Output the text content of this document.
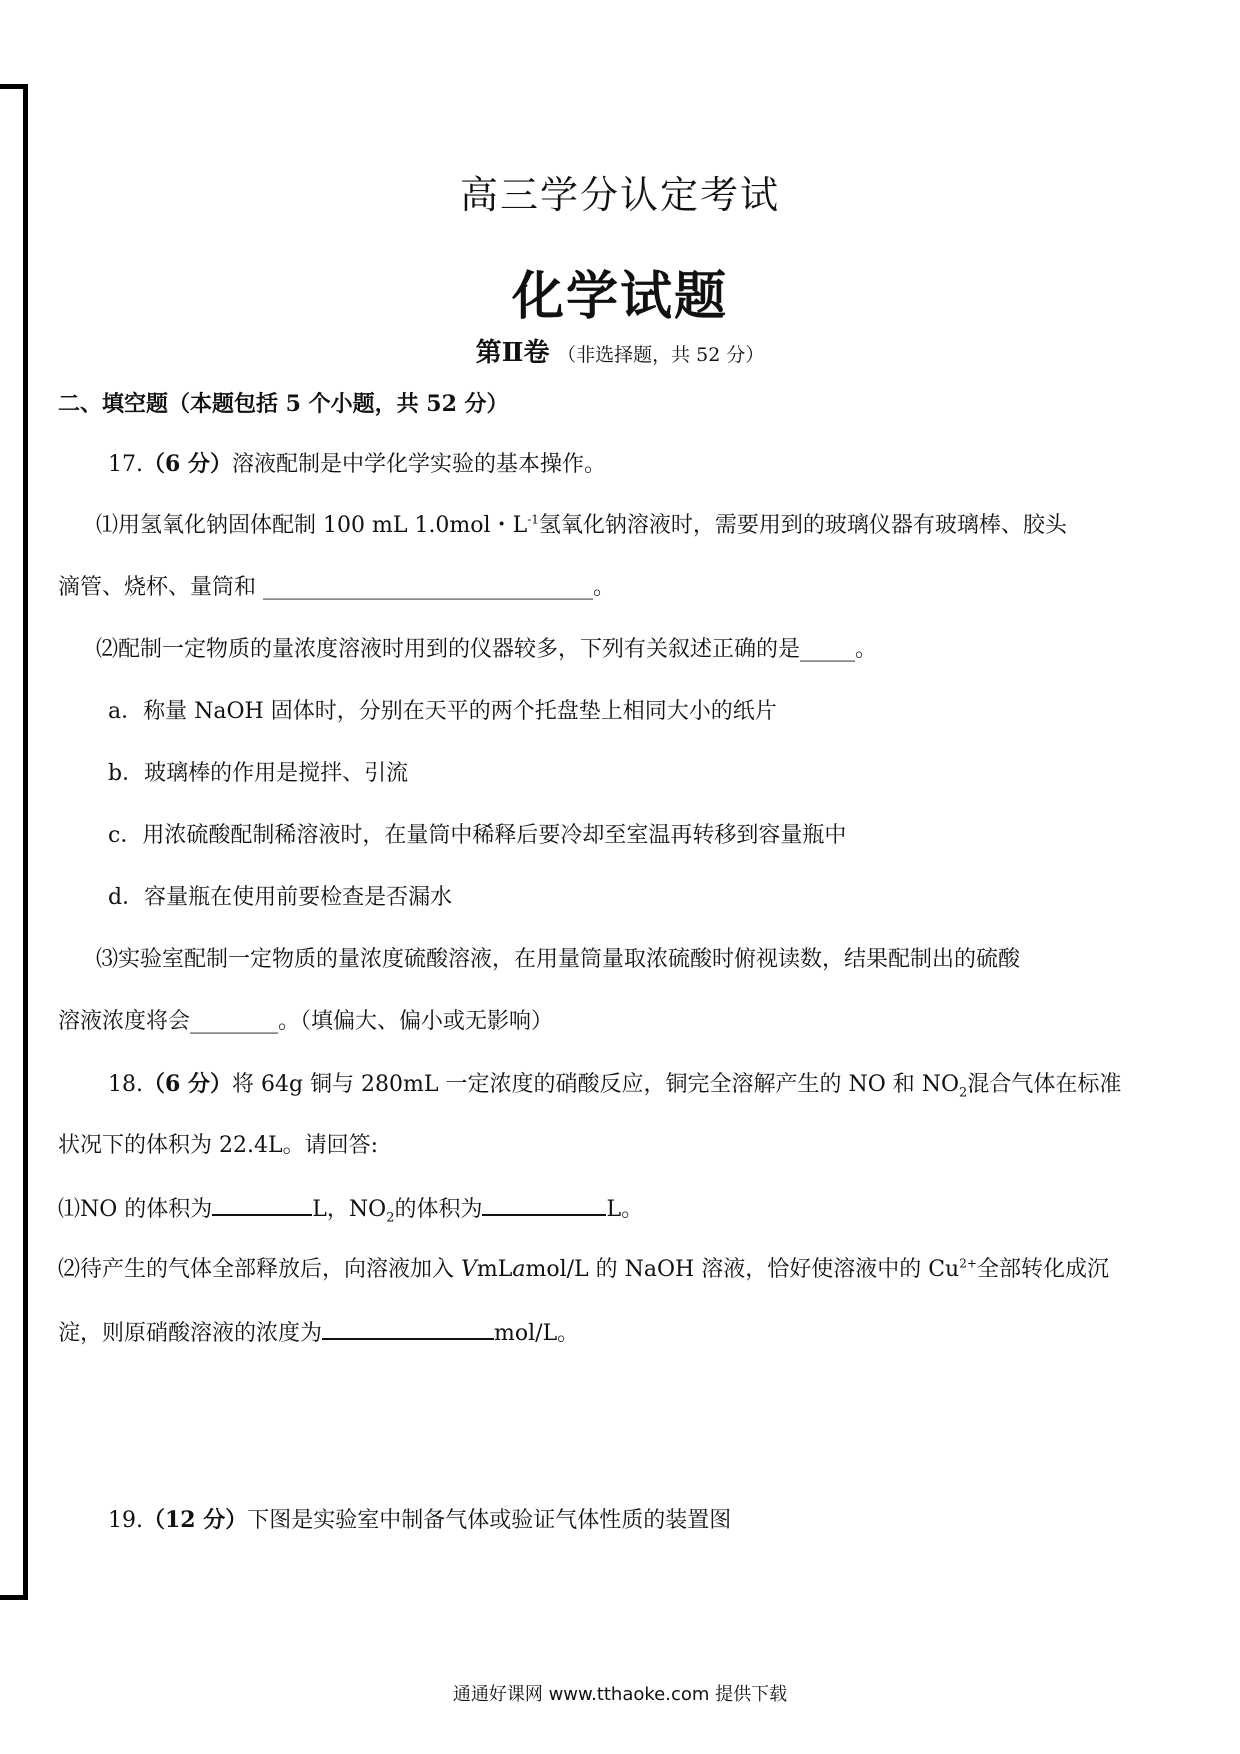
高三学分认定考试
化学试题
第Ⅱ卷 （非选择题，共 52 分）
二、填空题（本题包括 5 个小题，共 52 分）
17.（6 分）溶液配制是中学化学实验的基本操作。
⑴用氢氧化钠固体配制 100 mL 1.0mol・$L^{-1}$氢氧化钠溶液时，需要用到的玻璃仪器有玻璃棒、胶头
滴管、烧杯、量筒和 ______________________________。
⑵配制一定物质的量浓度溶液时用到的仪器较多，下列有关叙述正确的是_____。
a．称量 NaOH 固体时，分别在天平的两个托盘垫上相同大小的纸片
b．玻璃棒的作用是搅拌、引流
c．用浓硫酸配制稀溶液时，在量筒中稀释后要冷却至室温再转移到容量瓶中
d．容量瓶在使用前要检查是否漏水
⑶实验室配制一定物质的量浓度硫酸溶液，在用量筒量取浓硫酸时俯视读数，结果配制出的硫酸
溶液浓度将会________。（填偏大、偏小或无影响）
18.（6 分）将 64g 铜与 280mL 一定浓度的硝酸反应，铜完全溶解产生的 NO 和 $NO_2$混合气体在标准
状况下的体积为 22.4L。请回答:
⑴NO 的体积为	L，$NO_2$的体积为	L。
⑵待产生的气体全部释放后，向溶液加入 VmLamol/L 的 NaOH 溶液，恰好使溶液中的 $Cu^{2+}$全部转化成沉
淀，则原硝酸溶液的浓度为	mol/L。
19.（12 分）下图是实验室中制备气体或验证气体性质的装置图
通通好课网 www.tthaoke.com 提供下载
